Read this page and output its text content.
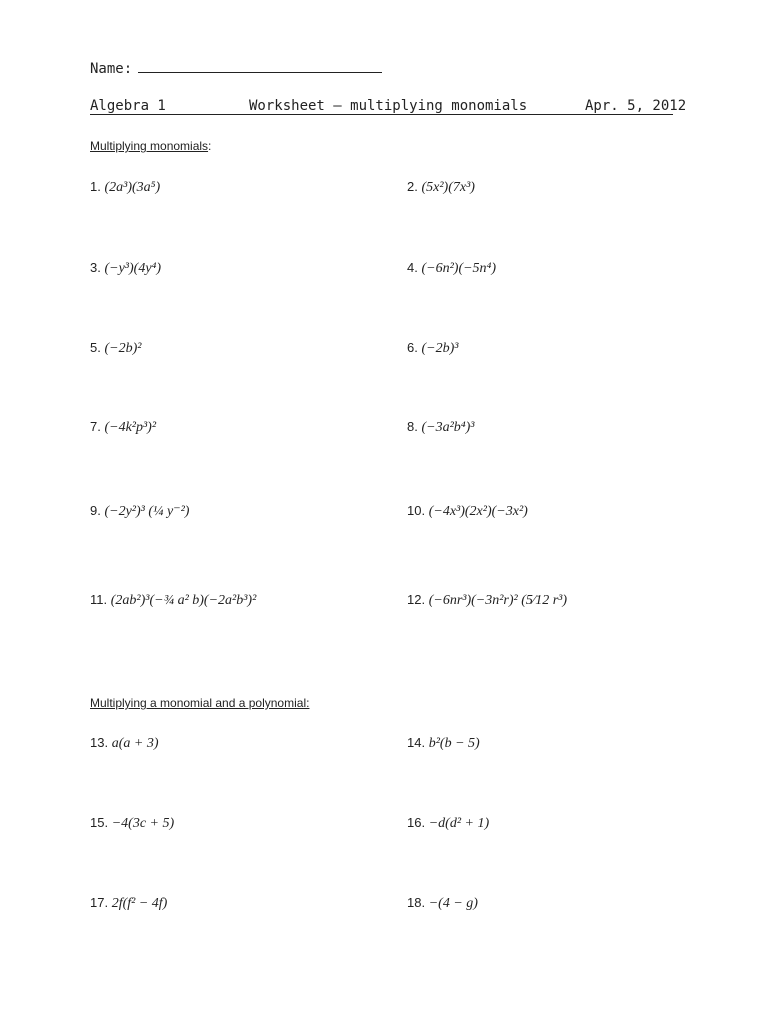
Name:
Algebra 1	Worksheet – multiplying monomials	Apr. 5, 2012
Multiplying monomials:
1. (2a³)(3a⁵)	2. (5x²)(7x³)
3. (−y³)(4y⁴)	4. (−6n²)(−5n⁴)
5. (−2b)²	6. (−2b)³
7. (−4k²p³)²	8. (−3a²b⁴)³
9. (−2y²)³ (¼ y⁻²)	10. (−4x³)(2x²)(−3x²)
11. (2ab²)³(−¾ a² b)(−2a²b³)²	12. (−6nr³)(−3n²r)² (5⁄12 r³)
Multiplying a monomial and a polynomial:
13. a(a + 3)	14. b²(b − 5)
15. −4(3c + 5)	16. −d(d² + 1)
17. 2f(f² − 4f)	18. −(4 − g)
